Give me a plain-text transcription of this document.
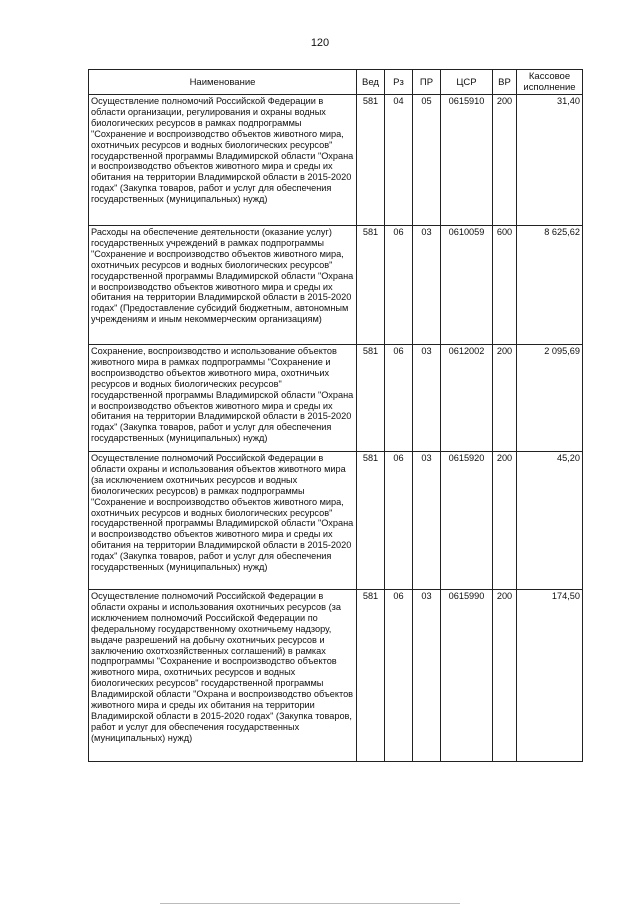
120
Наименование	Вед	Рз	ПР	ЦСР	ВР	Кассовое исполнение
Осуществление полномочий Российской Федерации в области организации, регулирования и охраны водных биологических ресурсов в рамках подпрограммы "Сохранение и воспроизводство объектов животного мира, охотничьих ресурсов и водных биологических ресурсов" государственной программы Владимирской области "Охрана и воспроизводство объектов животного мира и среды их обитания на территории Владимирской области в 2015-2020 годах" (Закупка товаров, работ и услуг для обеспечения государственных (муниципальных) нужд)	581	04	05	0615910	200	31,40
Расходы на обеспечение деятельности (оказание услуг) государственных учреждений в рамках подпрограммы "Сохранение и воспроизводство объектов животного мира, охотничьих ресурсов и водных биологических ресурсов" государственной программы Владимирской области "Охрана и воспроизводство объектов животного мира и среды их обитания на территории Владимирской области в 2015-2020 годах" (Предоставление субсидий бюджетным, автономным учреждениям и иным некоммерческим организациям)	581	06	03	0610059	600	8 625,62
Сохранение, воспроизводство и использование объектов животного мира в рамках подпрограммы "Сохранение и воспроизводство объектов животного мира, охотничьих ресурсов и водных биологических ресурсов" государственной программы Владимирской области "Охрана и воспроизводство объектов животного мира и среды их обитания на территории Владимирской области в 2015-2020 годах" (Закупка товаров, работ и услуг для обеспечения государственных (муниципальных) нужд)	581	06	03	0612002	200	2 095,69
Осуществление полномочий Российской Федерации в области охраны и использования объектов животного мира (за исключением охотничьих ресурсов и водных биологических ресурсов) в рамках подпрограммы "Сохранение и воспроизводство объектов животного мира, охотничьих ресурсов и водных биологических ресурсов" государственной программы Владимирской области "Охрана и воспроизводство объектов животного мира и среды их обитания на территории Владимирской области в 2015-2020 годах" (Закупка товаров, работ и услуг для обеспечения государственных (муниципальных) нужд)	581	06	03	0615920	200	45,20
Осуществление полномочий Российской Федерации в области охраны и использования охотничьих ресурсов (за исключением полномочий Российской Федерации по федеральному государственному охотничьему надзору, выдаче разрешений на добычу охотничьих ресурсов и заключению охотхозяйственных соглашений) в рамках подпрограммы "Сохранение и воспроизводство объектов животного мира, охотничьих ресурсов и водных биологических ресурсов" государственной программы Владимирской области "Охрана и воспроизводство объектов животного мира и среды их обитания на территории Владимирской области в 2015-2020 годах" (Закупка товаров, работ и услуг для обеспечения государственных (муниципальных) нужд)	581	06	03	0615990	200	174,50
